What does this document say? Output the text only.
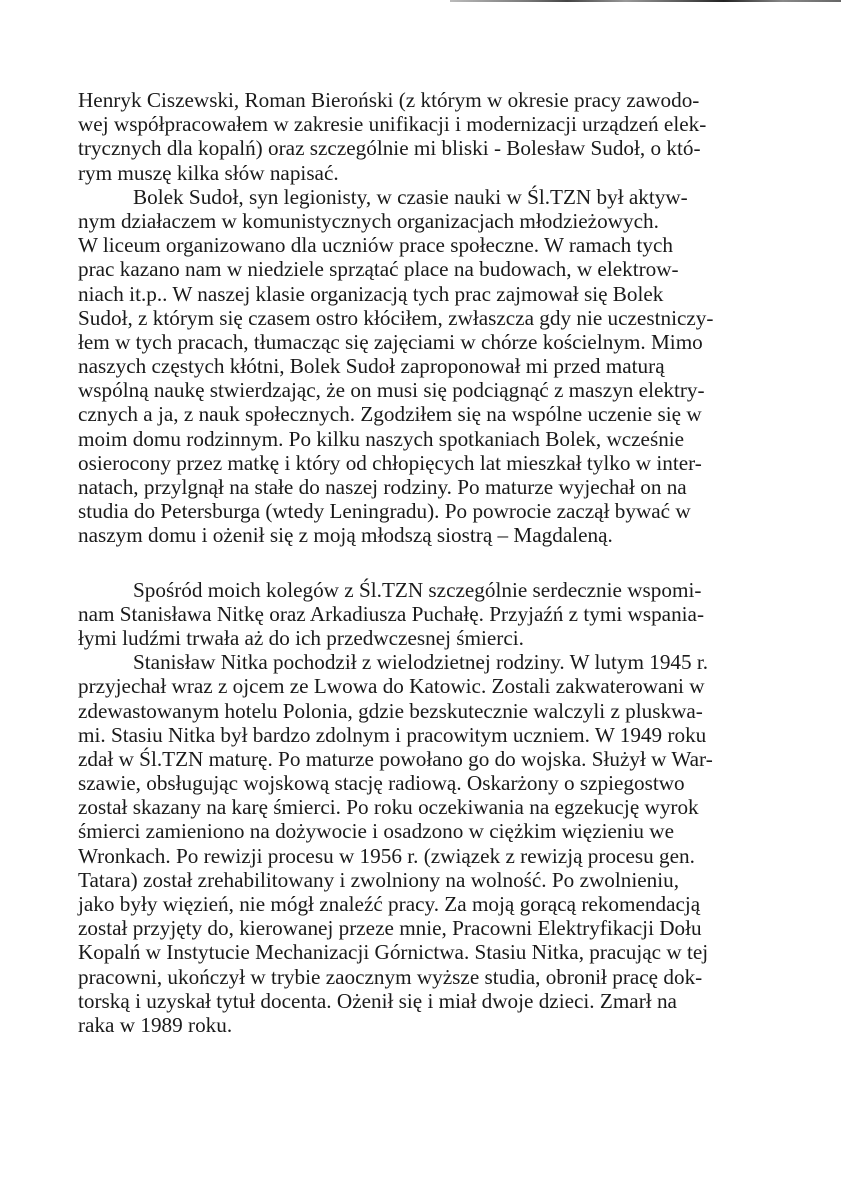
Henryk Ciszewski, Roman Bieroński (z którym w okresie pracy zawodo-
wej współpracowałem w zakresie unifikacji i modernizacji urządzeń elek-
trycznych dla kopalń) oraz szczególnie mi bliski - Bolesław Sudoł, o któ-
rym muszę kilka słów napisać.
Bolek Sudoł, syn legionisty, w czasie nauki w Śl.TZN był aktyw-
nym działaczem w komunistycznych organizacjach młodzieżowych.
W liceum organizowano dla uczniów prace społeczne. W ramach tych
prac kazano nam w niedziele sprzątać place na budowach, w elektrow-
niach it.p.. W naszej klasie organizacją tych prac zajmował się Bolek
Sudoł, z którym się czasem ostro kłóciłem, zwłaszcza gdy nie uczestniczy-
łem w tych pracach, tłumacząc się zajęciami w chórze kościelnym. Mimo
naszych częstych kłótni, Bolek Sudoł zaproponował mi przed maturą
wspólną naukę stwierdzając, że on musi się podciągnąć z maszyn elektry-
cznych a ja, z nauk społecznych. Zgodziłem się na wspólne uczenie się w
moim domu rodzinnym. Po kilku naszych spotkaniach Bolek, wcześnie
osierocony przez matkę i który od chłopięcych lat mieszkał tylko w inter-
natach, przylgnął na stałe do naszej rodziny. Po maturze wyjechał on na
studia do Petersburga (wtedy Leningradu). Po powrocie zaczął bywać w
naszym domu i ożenił się z moją młodszą siostrą – Magdaleną.
Spośród moich kolegów z Śl.TZN szczególnie serdecznie wspomi-
nam Stanisława Nitkę oraz Arkadiusza Puchałę. Przyjaźń z tymi wspania-
łymi ludźmi trwała aż do ich przedwczesnej śmierci.
Stanisław Nitka pochodził z wielodzietnej rodziny. W lutym 1945 r.
przyjechał wraz z ojcem ze Lwowa do Katowic. Zostali zakwaterowani w
zdewastowanym hotelu Polonia, gdzie bezskutecznie walczyli z pluskwa-
mi. Stasiu Nitka był bardzo zdolnym i pracowitym uczniem. W 1949 roku
zdał w Śl.TZN maturę. Po maturze powołano go do wojska. Służył w War-
szawie, obsługując wojskową stację radiową. Oskarżony o szpiegostwo
został skazany na karę śmierci. Po roku oczekiwania na egzekucję wyrok
śmierci zamieniono na dożywocie i osadzono w ciężkim więzieniu we
Wronkach. Po rewizji procesu w 1956 r. (związek z rewizją procesu gen.
Tatara) został zrehabilitowany i zwolniony na wolność. Po zwolnieniu,
jako były więzień, nie mógł znaleźć pracy. Za moją gorącą rekomendacją
został przyjęty do, kierowanej przeze mnie, Pracowni Elektryfikacji Dołu
Kopalń w Instytucie Mechanizacji Górnictwa. Stasiu Nitka, pracując w tej
pracowni, ukończył w trybie zaocznym wyższe studia, obronił pracę dok-
torską i uzyskał tytuł docenta. Ożenił się i miał dwoje dzieci. Zmarł na
raka w 1989 roku.
